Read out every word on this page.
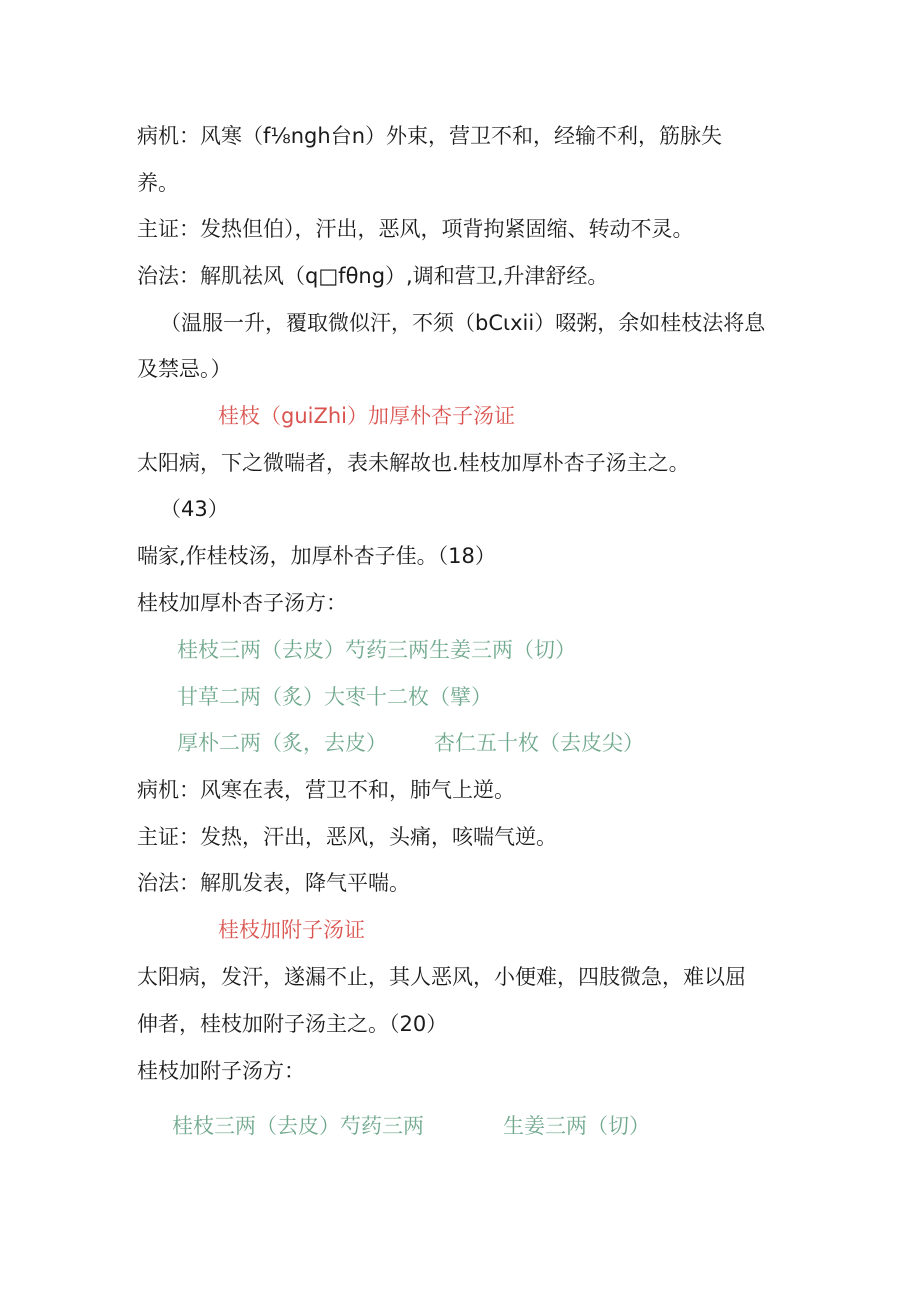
病机：风寒（f⅛ngh台n）外束，营卫不和，经输不利，筋脉失
养。
主证：发热但伯），汗出，恶风，项背拘紧固缩、转动不灵。
治法：解肌祛风（q□fθng）,调和营卫,升津舒经。
（温服一升，覆取微似汗，不须（bCιxii）啜粥，余如桂枝法将息
及禁忌。）
桂枝（guiZhi）加厚朴杏子汤证
太阳病，下之微喘者，表未解故也.桂枝加厚朴杏子汤主之。
（43）
喘家,作桂枝汤，加厚朴杏子佳。（18）
桂枝加厚朴杏子汤方：
桂枝三两（去皮）芍药三两生姜三两（切）
甘草二两（炙）大枣十二枚（擘）
厚朴二两（炙，去皮） 杏仁五十枚（去皮尖）
病机：风寒在表，营卫不和，肺气上逆。
主证：发热，汗出，恶风，头痛，咳喘气逆。
治法：解肌发表，降气平喘。
桂枝加附子汤证
太阳病，发汗，遂漏不止，其人恶风，小便难，四肢微急，难以屈
伸者，桂枝加附子汤主之。（20）
桂枝加附子汤方：
桂枝三两（去皮）芍药三两	生姜三两（切）
